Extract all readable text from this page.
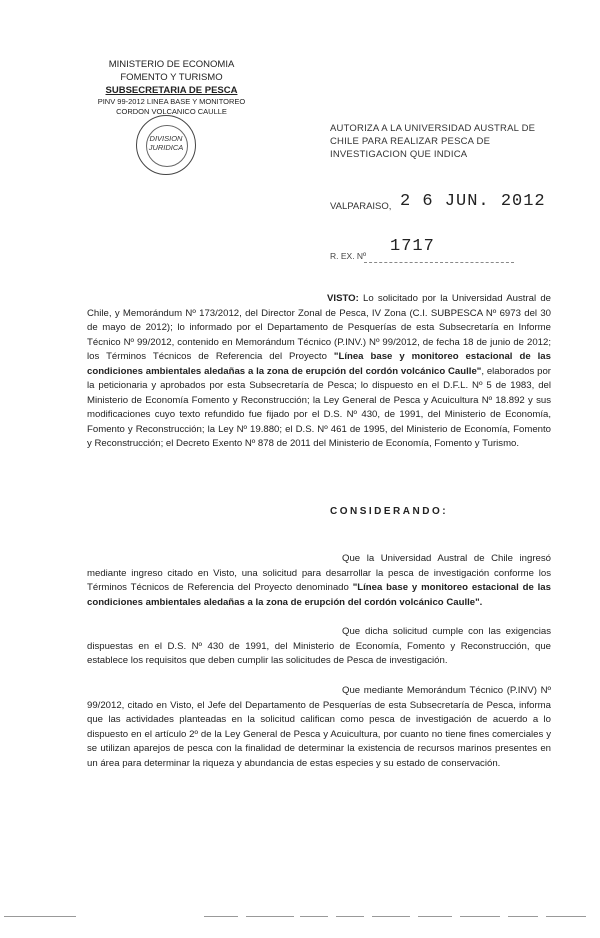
MINISTERIO DE ECONOMIA
FOMENTO Y TURISMO
SUBSECRETARIA DE PESCA
PINV 99-2012 LINEA BASE Y MONITOREO
CORDON VOLCANICO CAULLE
DIVISION
JURIDICA
AUTORIZA A LA UNIVERSIDAD AUSTRAL DE CHILE PARA REALIZAR PESCA DE INVESTIGACION QUE INDICA
VALPARAISO, 2 6 JUN. 2012
R. EX. Nº 1717
VISTO: Lo solicitado por la Universidad Austral de Chile, y Memorándum Nº 173/2012, del Director Zonal de Pesca, IV Zona (C.I. SUBPESCA Nº 6973 del 30 de mayo de 2012); lo informado por el Departamento de Pesquerías de esta Subsecretaría en Informe Técnico Nº 99/2012, contenido en Memorándum Técnico (P.INV.) Nº 99/2012, de fecha 18 de junio de 2012; los Términos Técnicos de Referencia del Proyecto "Línea base y monitoreo estacional de las condiciones ambientales aledañas a la zona de erupción del cordón volcánico Caulle", elaborados por la peticionaria y aprobados por esta Subsecretaría de Pesca; lo dispuesto en el D.F.L. Nº 5 de 1983, del Ministerio de Economía Fomento y Reconstrucción; la Ley General de Pesca y Acuicultura Nº 18.892 y sus modificaciones cuyo texto refundido fue fijado por el D.S. Nº 430, de 1991, del Ministerio de Economía, Fomento y Reconstrucción; la Ley Nº 19.880; el D.S. Nº 461 de 1995, del Ministerio de Economía, Fomento y Reconstrucción; el Decreto Exento Nº 878 de 2011 del Ministerio de Economía, Fomento y Turismo.
CONSIDERANDO:
Que la Universidad Austral de Chile ingresó mediante ingreso citado en Visto, una solicitud para desarrollar la pesca de investigación conforme los Términos Técnicos de Referencia del Proyecto denominado "Línea base y monitoreo estacional de las condiciones ambientales aledañas a la zona de erupción del cordón volcánico Caulle".
Que dicha solicitud cumple con las exigencias dispuestas en el D.S. Nº 430 de 1991, del Ministerio de Economía, Fomento y Reconstrucción, que establece los requisitos que deben cumplir las solicitudes de Pesca de investigación.
Que mediante Memorándum Técnico (P.INV) Nº 99/2012, citado en Visto, el Jefe del Departamento de Pesquerías de esta Subsecretaría de Pesca, informa que las actividades planteadas en la solicitud califican como pesca de investigación de acuerdo a lo dispuesto en el artículo 2º de la Ley General de Pesca y Acuicultura, por cuanto no tiene fines comerciales y se utilizan aparejos de pesca con la finalidad de determinar la existencia de recursos marinos presentes en un área para determinar la riqueza y abundancia de estas especies y su estado de conservación.
